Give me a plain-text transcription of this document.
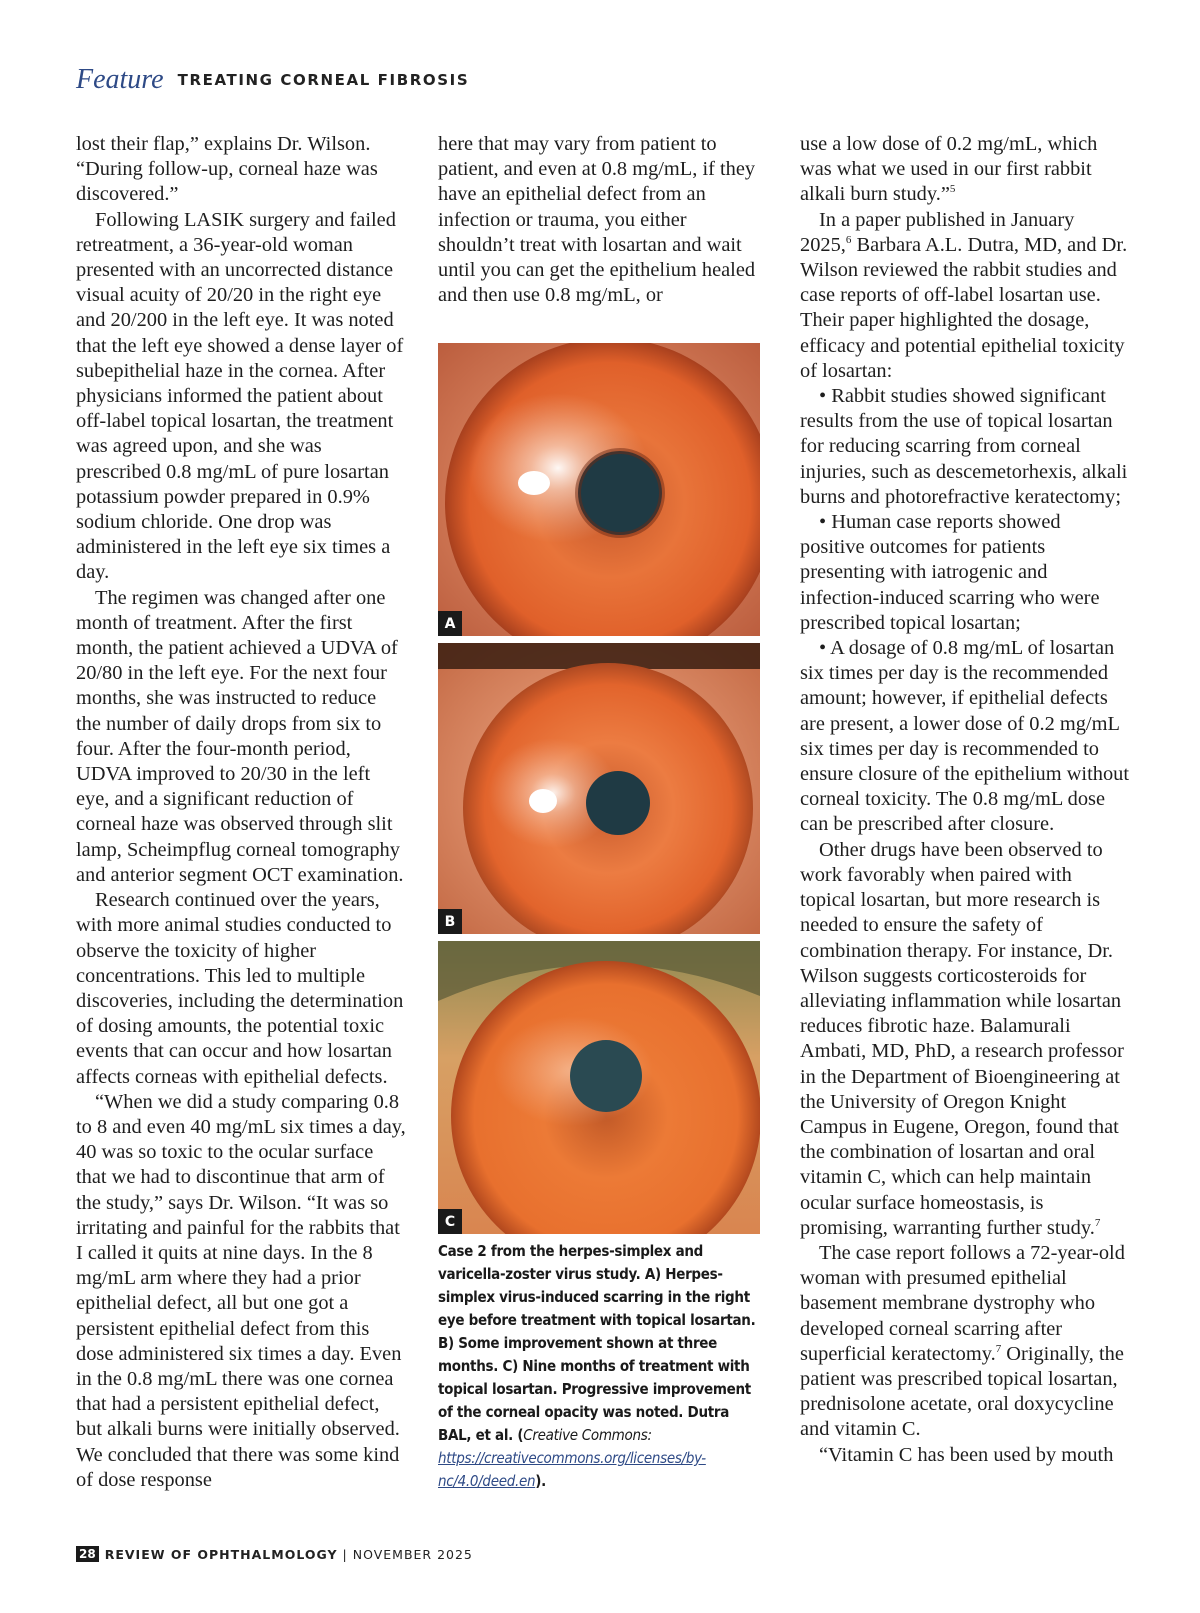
Feature TREATING CORNEAL FIBROSIS

lost their flap,” explains Dr. Wilson. “During follow-up, corneal haze was discovered.”

Following LASIK surgery and failed retreatment, a 36-year-old woman presented with an uncorrected distance visual acuity of 20/20 in the right eye and 20/200 in the left eye. It was noted that the left eye showed a dense layer of subepithelial haze in the cornea. After physicians informed the patient about off-label topical losartan, the treatment was agreed upon, and she was prescribed 0.8 mg/mL of pure losartan potassium powder prepared in 0.9% sodium chloride. One drop was administered in the left eye six times a day.

The regimen was changed after one month of treatment. After the first month, the patient achieved a UDVA of 20/80 in the left eye. For the next four months, she was instructed to reduce the number of daily drops from six to four. After the four-month period, UDVA improved to 20/30 in the left eye, and a significant reduction of corneal haze was observed through slit lamp, Scheimpflug corneal tomography and anterior segment OCT examination.

Research continued over the years, with more animal studies conducted to observe the toxicity of higher concentrations. This led to multiple discoveries, including the determination of dosing amounts, the potential toxic events that can occur and how losartan affects corneas with epithelial defects.

“When we did a study comparing 0.8 to 8 and even 40 mg/mL six times a day, 40 was so toxic to the ocular surface that we had to discontinue that arm of the study,” says Dr. Wilson. “It was so irritating and painful for the rabbits that I called it quits at nine days. In the 8 mg/mL arm where they had a prior epithelial defect, all but one got a persistent epithelial defect from this dose administered six times a day. Even in the 0.8 mg/mL there was one cornea that had a persistent epithelial defect, but alkali burns were initially observed. We concluded that there was some kind of dose response

here that may vary from patient to patient, and even at 0.8 mg/mL, if they have an epithelial defect from an infection or trauma, you either shouldn’t treat with losartan and wait until you can get the epithelium healed and then use 0.8 mg/mL, or

A
B
C
Case 2 from the herpes-simplex and varicella-zoster virus study. A) Herpes-simplex virus-induced scarring in the right eye before treatment with topical losartan. B) Some improvement shown at three months. C) Nine months of treatment with topical losartan. Progressive improvement of the corneal opacity was noted. Dutra BAL, et al. (Creative Commons: https://creativecommons.org/licenses/by-nc/4.0/deed.en).

use a low dose of 0.2 mg/mL, which was what we used in our first rabbit alkali burn study.”$^5$

In a paper published in January 2025,$^6$ Barbara A.L. Dutra, MD, and Dr. Wilson reviewed the rabbit studies and case reports of off-label losartan use. Their paper highlighted the dosage, efficacy and potential epithelial toxicity of losartan:

• Rabbit studies showed significant results from the use of topical losartan for reducing scarring from corneal injuries, such as descemetorhexis, alkali burns and photorefractive keratectomy;

• Human case reports showed positive outcomes for patients presenting with iatrogenic and infection-induced scarring who were prescribed topical losartan;

• A dosage of 0.8 mg/mL of losartan six times per day is the recommended amount; however, if epithelial defects are present, a lower dose of 0.2 mg/mL six times per day is recommended to ensure closure of the epithelium without corneal toxicity. The 0.8 mg/mL dose can be prescribed after closure.

Other drugs have been observed to work favorably when paired with topical losartan, but more research is needed to ensure the safety of combination therapy. For instance, Dr. Wilson suggests corticosteroids for alleviating inflammation while losartan reduces fibrotic haze. Balamurali Ambati, MD, PhD, a research professor in the Department of Bioengineering at the University of Oregon Knight Campus in Eugene, Oregon, found that the combination of losartan and oral vitamin C, which can help maintain ocular surface homeostasis, is promising, warranting further study.$^7$

The case report follows a 72-year-old woman with presumed epithelial basement membrane dystrophy who developed corneal scarring after superficial keratectomy.$^7$ Originally, the patient was prescribed topical losartan, prednisolone acetate, oral doxycycline and vitamin C.

“Vitamin C has been used by mouth

28 REVIEW OF OPHTHALMOLOGY | NOVEMBER 2025
